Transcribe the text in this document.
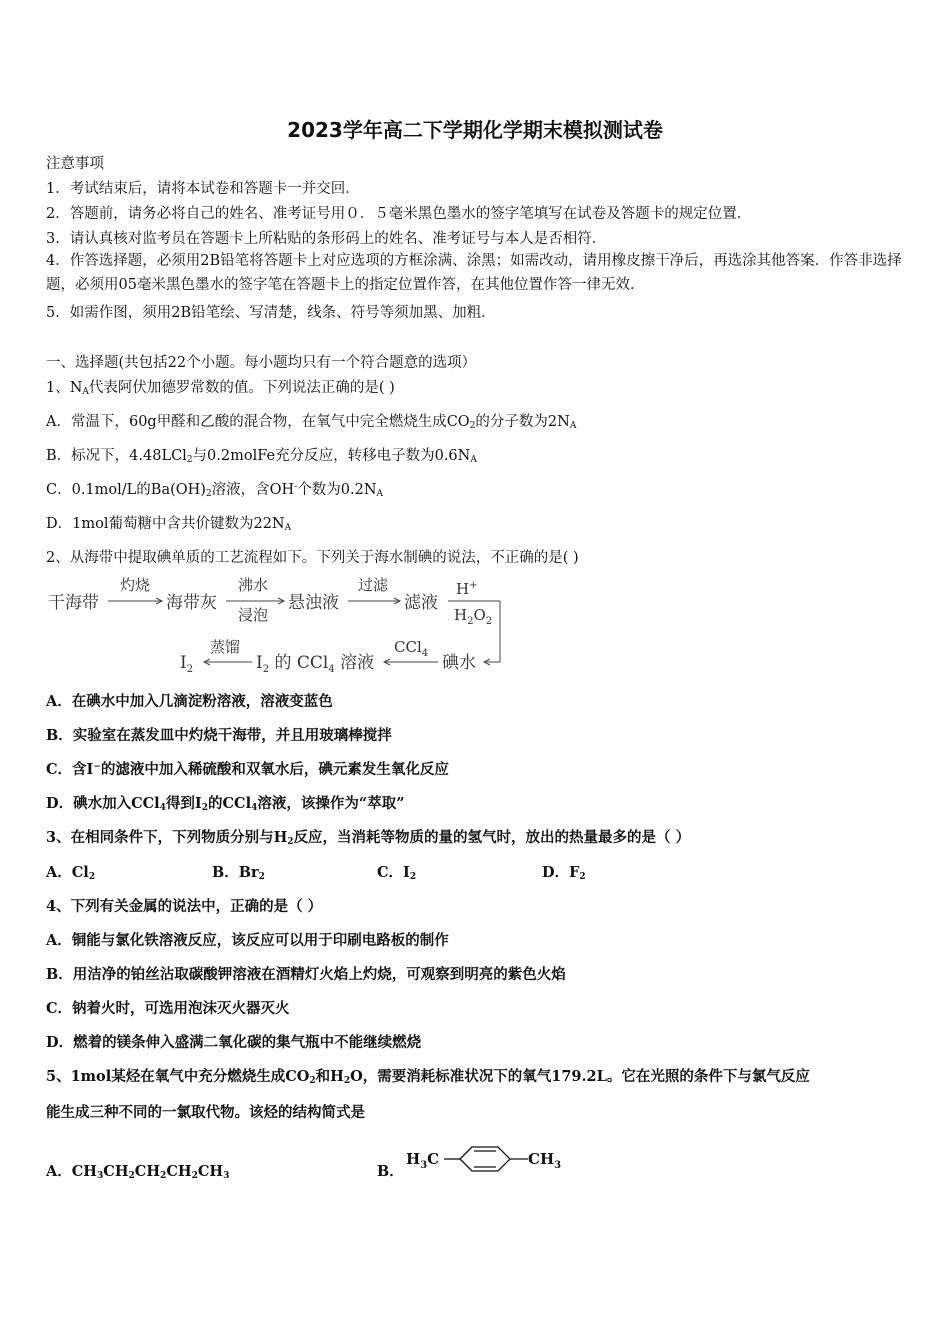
2023学年高二下学期化学期末模拟测试卷
注意事项
1．考试结束后，请将本试卷和答题卡一并交回．
2．答题前，请务必将自己的姓名、准考证号用０．５毫米黑色墨水的签字笔填写在试卷及答题卡的规定位置．
3．请认真核对监考员在答题卡上所粘贴的条形码上的姓名、准考证号与本人是否相符．
4．作答选择题，必须用2B铅笔将答题卡上对应选项的方框涂满、涂黑；如需改动，请用橡皮擦干净后，再选涂其他答案．作答非选择题，必须用05毫米黑色墨水的签字笔在答题卡上的指定位置作答，在其他位置作答一律无效．
5．如需作图，须用2B铅笔绘、写清楚，线条、符号等须加黑、加粗．
一、选择题(共包括22个小题。每小题均只有一个符合题意的选项）
1、$N_A$代表阿伏加德罗常数的值。下列说法正确的是( )
A．常温下，60g甲醛和乙酸的混合物，在氧气中完全燃烧生成$CO_2$的分子数为$2N_A$
B．标况下，4.48LCl$_2$与0.2molFe充分反应，转移电子数为$0.6N_A$
C．0.1mol/L的$Ba(OH)_2$溶液，含OH-个数为$0.2N_A$
D．1mol葡萄糖中含共价键数为$22N_A$
2、从海带中提取碘单质的工艺流程如下。下列关于海水制碘的说法，不正确的是( )
干海带	海带灰	悬浊液	滤液
碘水
$I_2$ 的 CCl$_4$ 溶液
$I_2$
灼烧	沸水
浸泡
过滤	H+
$H_2O_2$
CCl$_4$
蒸馏
A．在碘水中加入几滴淀粉溶液，溶液变蓝色
B．实验室在蒸发皿中灼烧干海带，并且用玻璃棒搅拌
C．含I−的滤液中加入稀硫酸和双氧水后，碘元素发生氧化反应
D．碘水加入CCl$_4$得到$I_2$的CCl$_4$溶液，该操作为“萃取”
3、在相同条件下，下列物质分别与$H_2$反应，当消耗等物质的量的氢气时，放出的热量最多的是（ ）
A．$Cl_2$	B．$Br_2$	C．$I_2$	D．$F_2$
4、下列有关金属的说法中，正确的是（ ）
A．铜能与氯化铁溶液反应，该反应可以用于印刷电路板的制作
B．用洁净的铂丝沾取碳酸钾溶液在酒精灯火焰上灼烧，可观察到明亮的紫色火焰
C．钠着火时，可选用泡沫灭火器灭火
D．燃着的镁条伸入盛满二氧化碳的集气瓶中不能继续燃烧
5、1mol某烃在氧气中充分燃烧生成$CO_2$和$H_2O$，需要消耗标准状况下的氧气179.2L。它在光照的条件下与氯气反应
能生成三种不同的一氯取代物。该烃的结构简式是
A．$CH_3CH_2CH_2CH_2CH_3$	B．
$H_3C$	$CH_3$
